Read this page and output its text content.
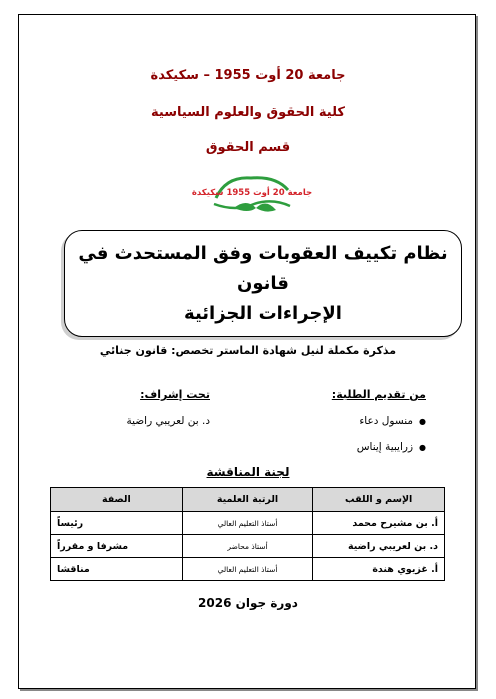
جامعة 20 أوت 1955 – سكيكدة
كلية الحقوق والعلوم السياسية
قسم الحقوق
جامعة 20 أوت 1955 سكيكدة
نظام تكييف العقوبات وفق المستحدث في قانون
الإجراءات الجزائية
مذكرة مكملة لنيل شهادة الماستر تخصص: قانون جنائي
من تقديم الطلبة:
●
منسول دعاء
●
زرايبية إيناس
تحت إشراف:
د. بن لعريبي راضية
لجنة المناقشة
الإسم و اللقب	الرتبة العلمية	الصفة
أ. بن مشيرح محمد	أستاذ التعليم العالي	رئيساً
د. بن لعريبي راضية	أستاذ محاضر	مشرفا و مقرراً
أ. غزيوي هندة	أستاذ التعليم العالي	مناقشا
دورة جوان 2026
